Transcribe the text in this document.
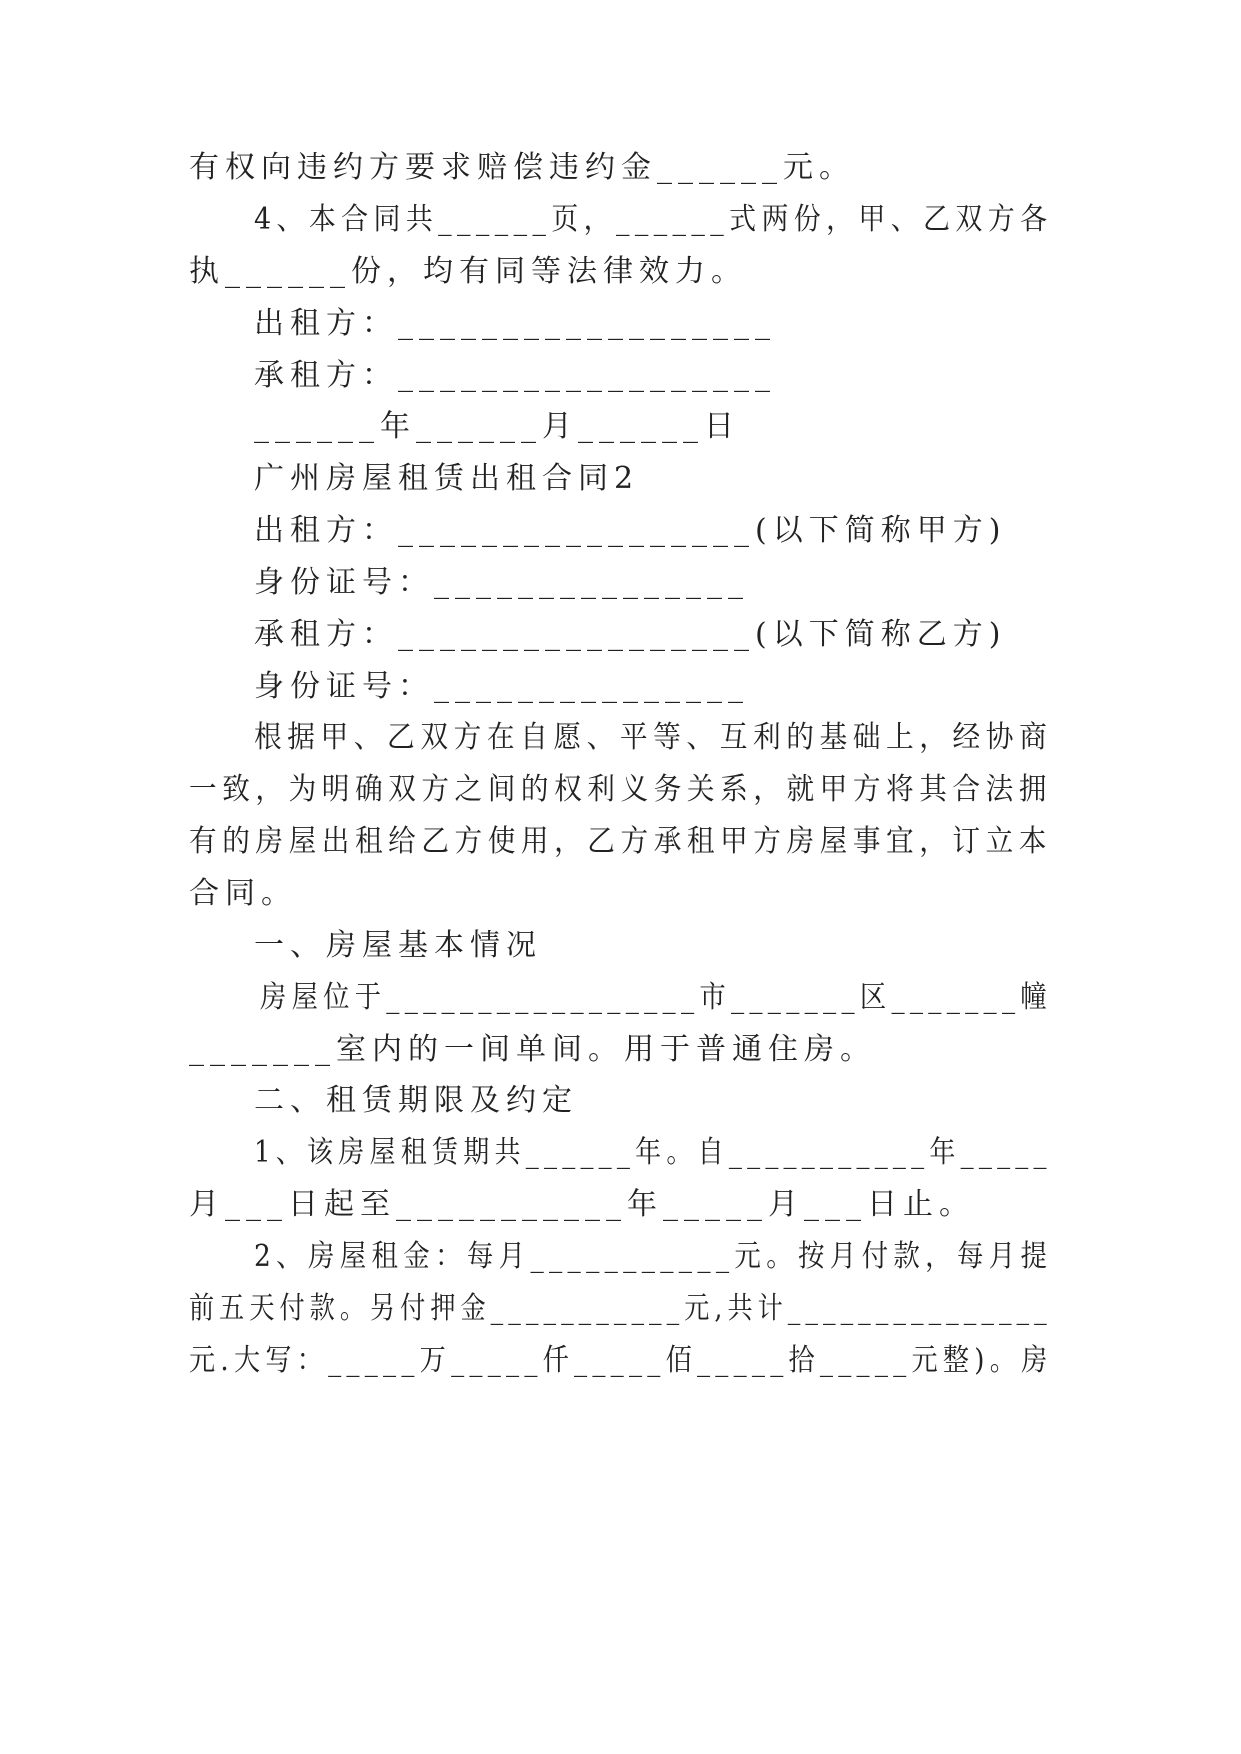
有权向违约方要求赔偿违约金______元。
4、本合同共______页，______式两份，甲、乙双方各
执______份，均有同等法律效力。
出租方：__________________
承租方：__________________
______年______月______日
广州房屋租赁出租合同2
出租方：_________________(以下简称甲方)
身份证号：_______________
承租方：_________________(以下简称乙方)
身份证号：_______________
根据甲、乙双方在自愿、平等、互利的基础上，经协商
一致，为明确双方之间的权利义务关系，就甲方将其合法拥
有的房屋出租给乙方使用，乙方承租甲方房屋事宜，订立本
合同。
一、房屋基本情况
房屋位于_________________市_______区_______幢
_______室内的一间单间。用于普通住房。
二、租赁期限及约定
1、该房屋租赁期共______年。自___________年_____
月___日起至___________年_____月___日止。
2、房屋租金：每月___________元。按月付款，每月提
前五天付款。另付押金___________元,共计_______________
元.大写：_____万_____仟_____佰_____拾_____元整)。房
